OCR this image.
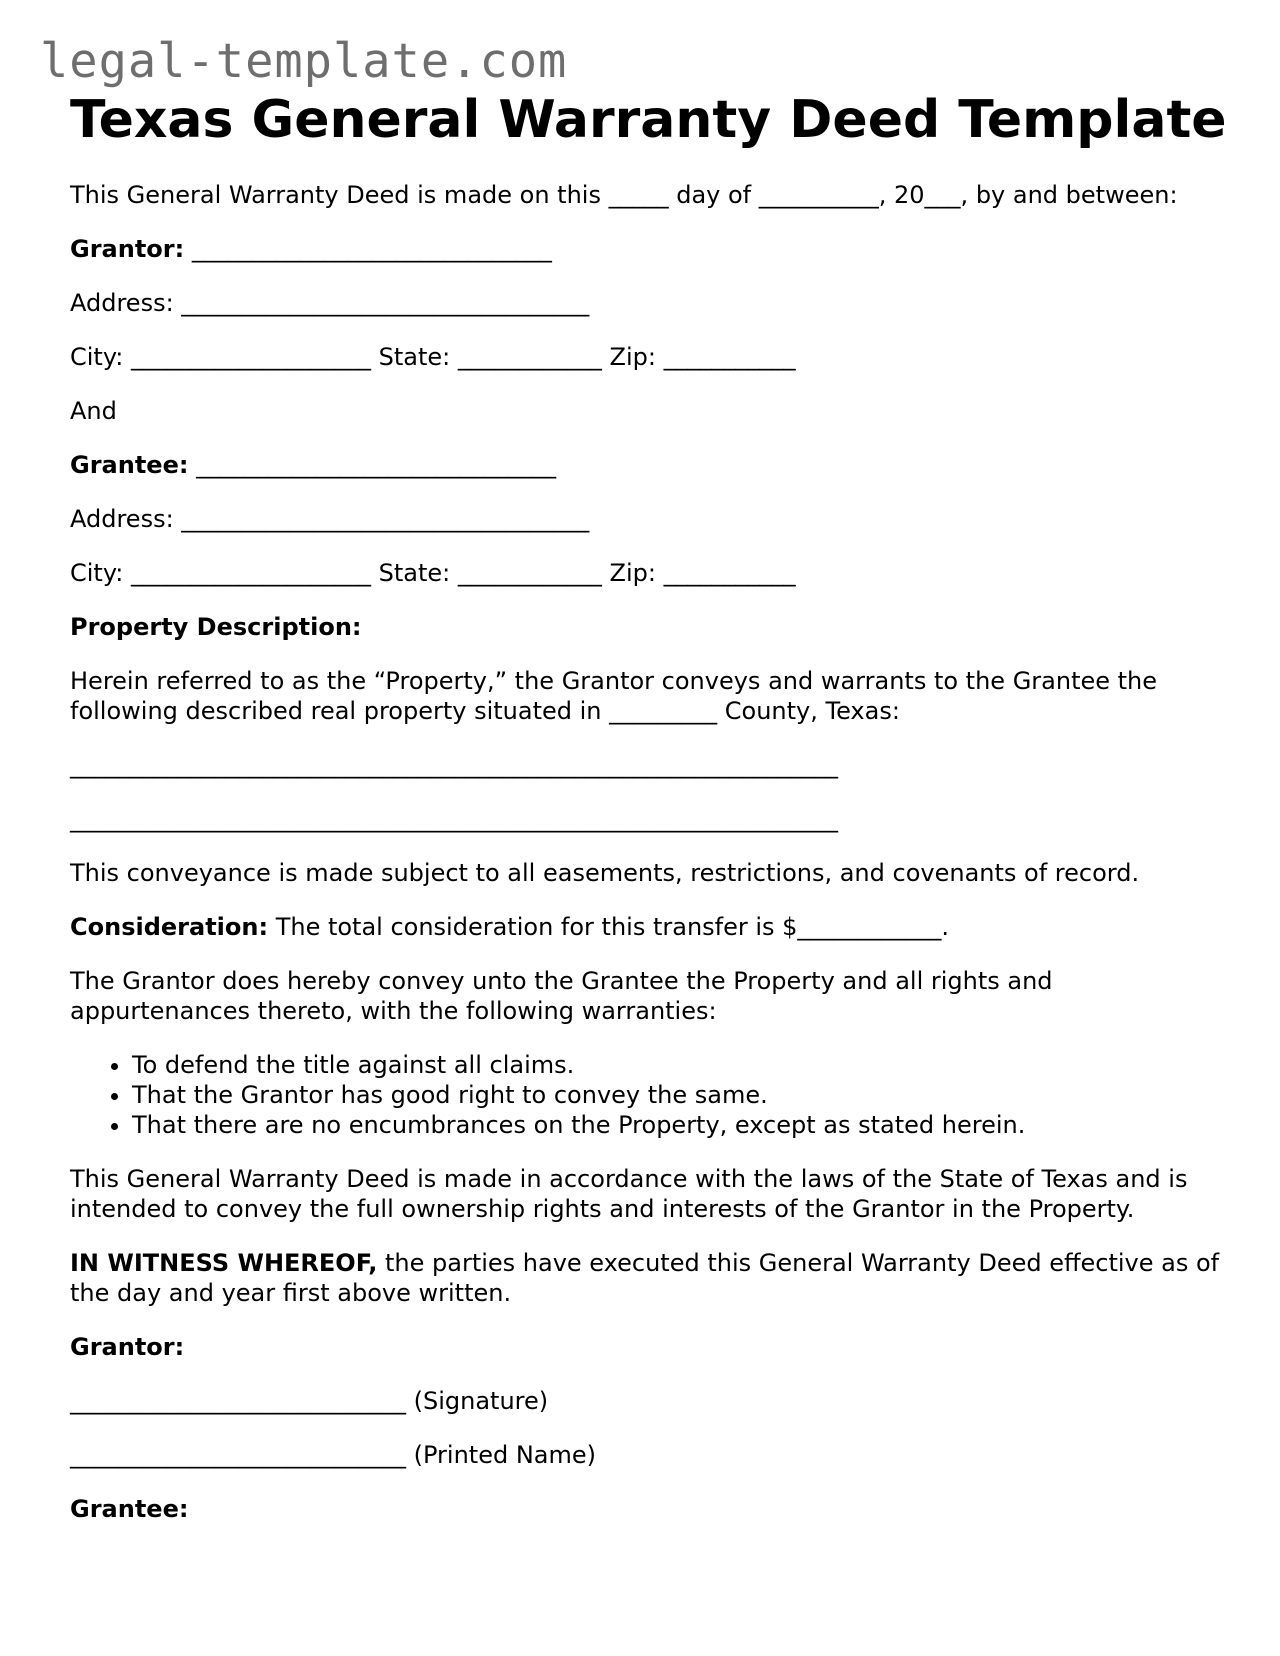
legal-template.com
Texas General Warranty Deed Template

This General Warranty Deed is made on this _____ day of __________, 20___, by and between:

Grantor: ______________________________

Address: __________________________________

City: ____________________ State: ____________ Zip: ___________

And

Grantee: ______________________________

Address: __________________________________

City: ____________________ State: ____________ Zip: ___________

Property Description:

Herein referred to as the “Property,” the Grantor conveys and warrants to the Grantee the following described real property situated in _________ County, Texas:

________________________________________________________________

________________________________________________________________

This conveyance is made subject to all easements, restrictions, and covenants of record.

Consideration: The total consideration for this transfer is $____________.

The Grantor does hereby convey unto the Grantee the Property and all rights and appurtenances thereto, with the following warranties:

• To defend the title against all claims.
• That the Grantor has good right to convey the same.
• That there are no encumbrances on the Property, except as stated herein.

This General Warranty Deed is made in accordance with the laws of the State of Texas and is intended to convey the full ownership rights and interests of the Grantor in the Property.

IN WITNESS WHEREOF, the parties have executed this General Warranty Deed effective as of the day and year first above written.

Grantor:

____________________________ (Signature)

____________________________ (Printed Name)

Grantee:
